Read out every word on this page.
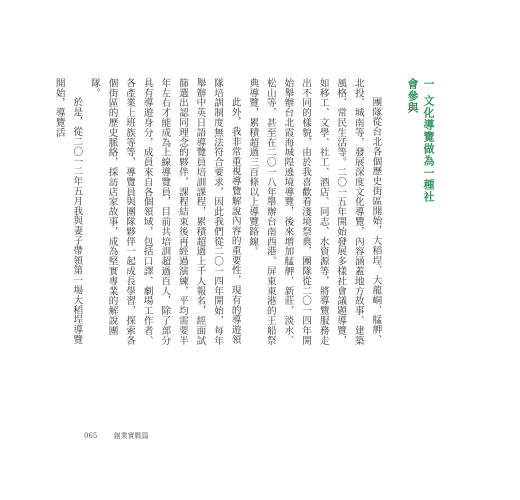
一 文化導覽做為一種社會參與

團隊從台北各個歷史街區開始，大稻埕、大龍峒、艋舺、北投、城南等，發展深度文化導覽，內容涵蓋地方故事、建築風格、常民生活等。二〇一五年開始發展多樣社會議題導覽，如移工、文學、社工、酒店、同志、水資源等，將導覽服務走出不同的樣貌，由於我喜歡看淺境祭典，團隊從二〇一四年開始舉辦台北霞海城隍遶境導覽，後來增加艋舺、新莊、淡水、松山等，甚至在二〇一八年舉辦台南西港、屏東東港的王船祭典導覽，累積超過三百條以上導覽路線。

此外，我非常重視導覽解說內容的重要性，現有的導遊領隊培訓制度無法符合要求，因此我們從二〇一四年開始，每年舉辦中英日語導覽員培訓課程，累積超過上千人報名，經面試篩選出認同理念的夥伴，課程結束後再經過演練，平均需要半年左右才能成為上線導覽員，目前共培訓超過百人，除了部分具有導遊身分，成員來自各個領域，包括口譯、劇場工作者、各產業上班族等等，導覽員與團隊夥伴一起成長學習，探索各個街區的歷史脈絡，採訪店家故事，成為堅實專業的解說團隊。

於是，從二〇一二年五月我與妻子帶領第一場大稻埕導覽開始，導覽活

065 創業實戰篇
